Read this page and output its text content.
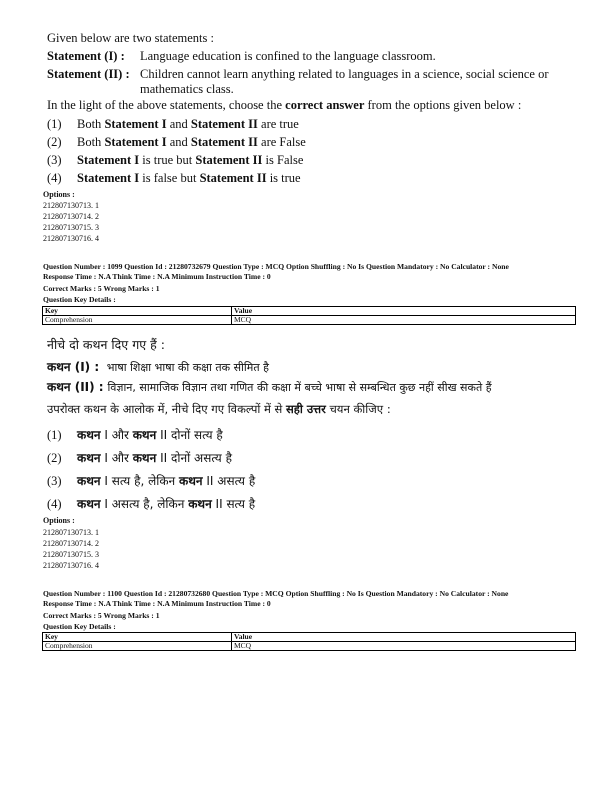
Given below are two statements :
Statement (I) : Language education is confined to the language classroom.
Statement (II) : Children cannot learn anything related to languages in a science, social science or mathematics class.
In the light of the above statements, choose the correct answer from the options given below :
(1) Both Statement I and Statement II are true
(2) Both Statement I and Statement II are False
(3) Statement I is true but Statement II is False
(4) Statement I is false but Statement II is true
Options :
212807130713. 1
212807130714. 2
212807130715. 3
212807130716. 4
Question Number : 1099 Question Id : 21280732679 Question Type : MCQ Option Shuffling : No Is Question Mandatory : No Calculator : None
Response Time : N.A Think Time : N.A Minimum Instruction Time : 0
Correct Marks : 5 Wrong Marks : 1
Question Key Details :
Key	Value
Comprehension	MCQ
नीचे दो कथन दिए गए हैं :
कथन (I) : भाषा शिक्षा भाषा की कक्षा तक सीमित है
कथन (II) : विज्ञान, सामाजिक विज्ञान तथा गणित की कक्षा में बच्चे भाषा से सम्बन्धित कुछ नहीं सीख सकते हैं
उपरोक्त कथन के आलोक में, नीचे दिए गए विकल्पों में से सही उत्तर चयन कीजिए :
(1) कथन I और कथन II दोनों सत्य है
(2) कथन I और कथन II दोनों असत्य है
(3) कथन I सत्य है, लेकिन कथन II असत्य है
(4) कथन I असत्य है, लेकिन कथन II सत्य है
Options :
212807130713. 1
212807130714. 2
212807130715. 3
212807130716. 4
Question Number : 1100 Question Id : 21280732680 Question Type : MCQ Option Shuffling : No Is Question Mandatory : No Calculator : None
Response Time : N.A Think Time : N.A Minimum Instruction Time : 0
Correct Marks : 5 Wrong Marks : 1
Question Key Details :
Key	Value
Comprehension	MCQ
